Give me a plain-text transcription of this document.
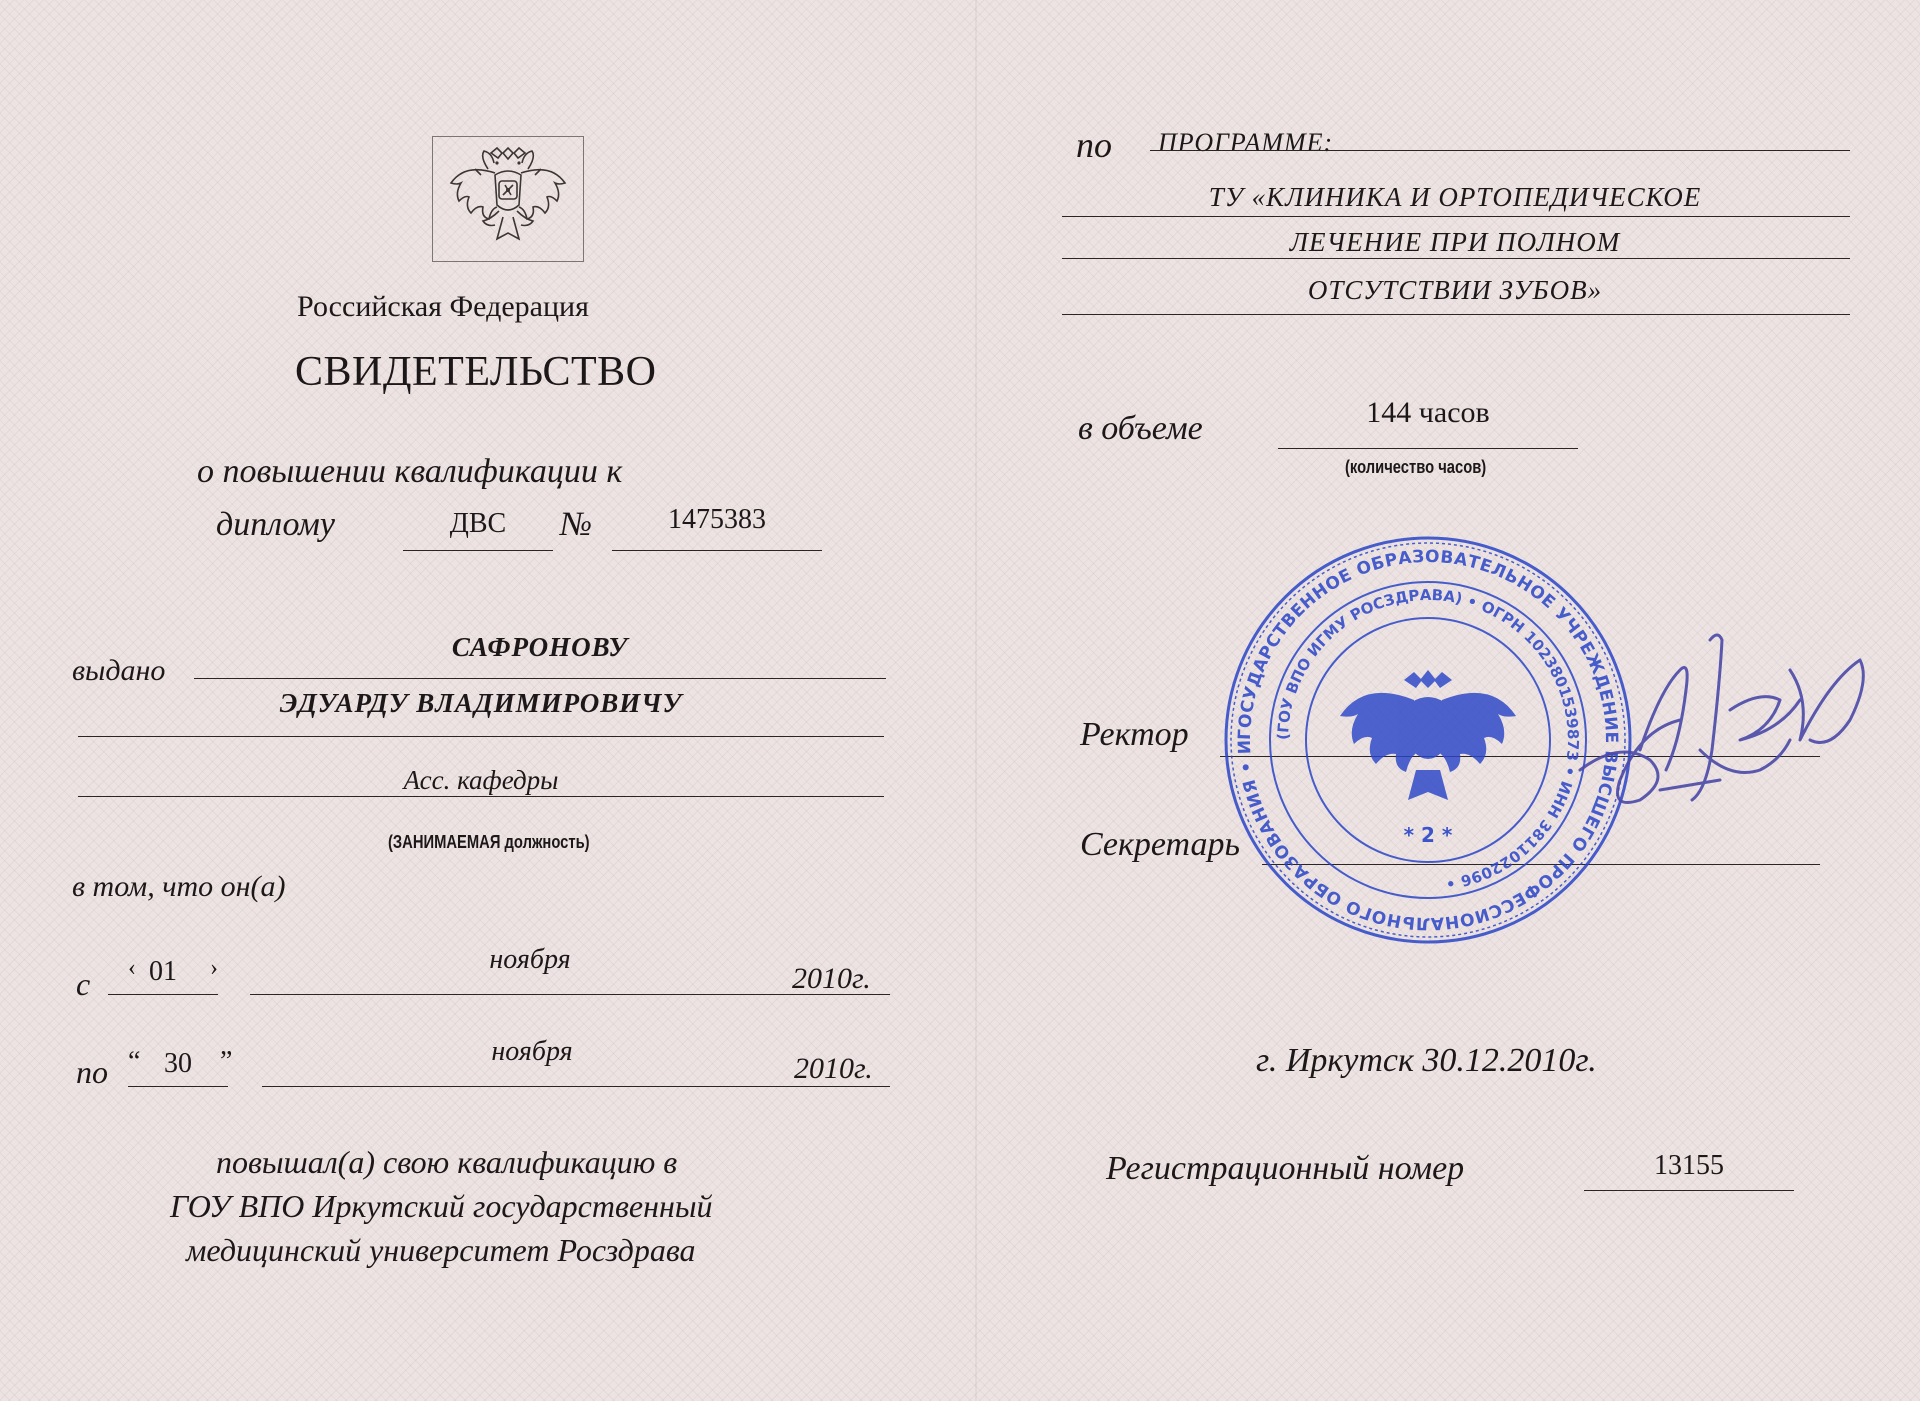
Российская Федерация
СВИДЕТЕЛЬСТВО
о повышении квалификации к
диплому	ДВС	№	1475383
выдано
САФРОНОВУ
ЭДУАРДУ ВЛАДИМИРОВИЧУ
Асс. кафедры
(ЗАНИМАЕМАЯ должность)
в том, что он(а)
с ‹ 01	›	ноября
2010г.
по “ 30	”	ноября
2010г.
повышал(а) свою квалификацию в
ГОУ ВПО Иркутский государственный
медицинский университет Росздрава
по ПРОГРАММЕ:
ТУ «КЛИНИКА И ОРТОПЕДИЧЕСКОЕ
ЛЕЧЕНИЕ ПРИ ПОЛНОМ
ОТСУТСТВИИ ЗУБОВ»
в объеме	144 часов
(количество часов)
Ректор
Секретарь
ГОСУДАРСТВЕННОЕ ОБРАЗОВАТЕЛЬНОЕ УЧРЕЖДЕНИЕ ВЫСШЕГО ПРОФЕССИОНАЛЬНОГО ОБРАЗОВАНИЯ • И
(ГОУ ВПО ИГМУ РОСЗДРАВА) • ОГРН 1023801539873 • ИНН 3811022096 •
* 2 *
г. Иркутск 30.12.2010г.
Регистрационный номер	13155
